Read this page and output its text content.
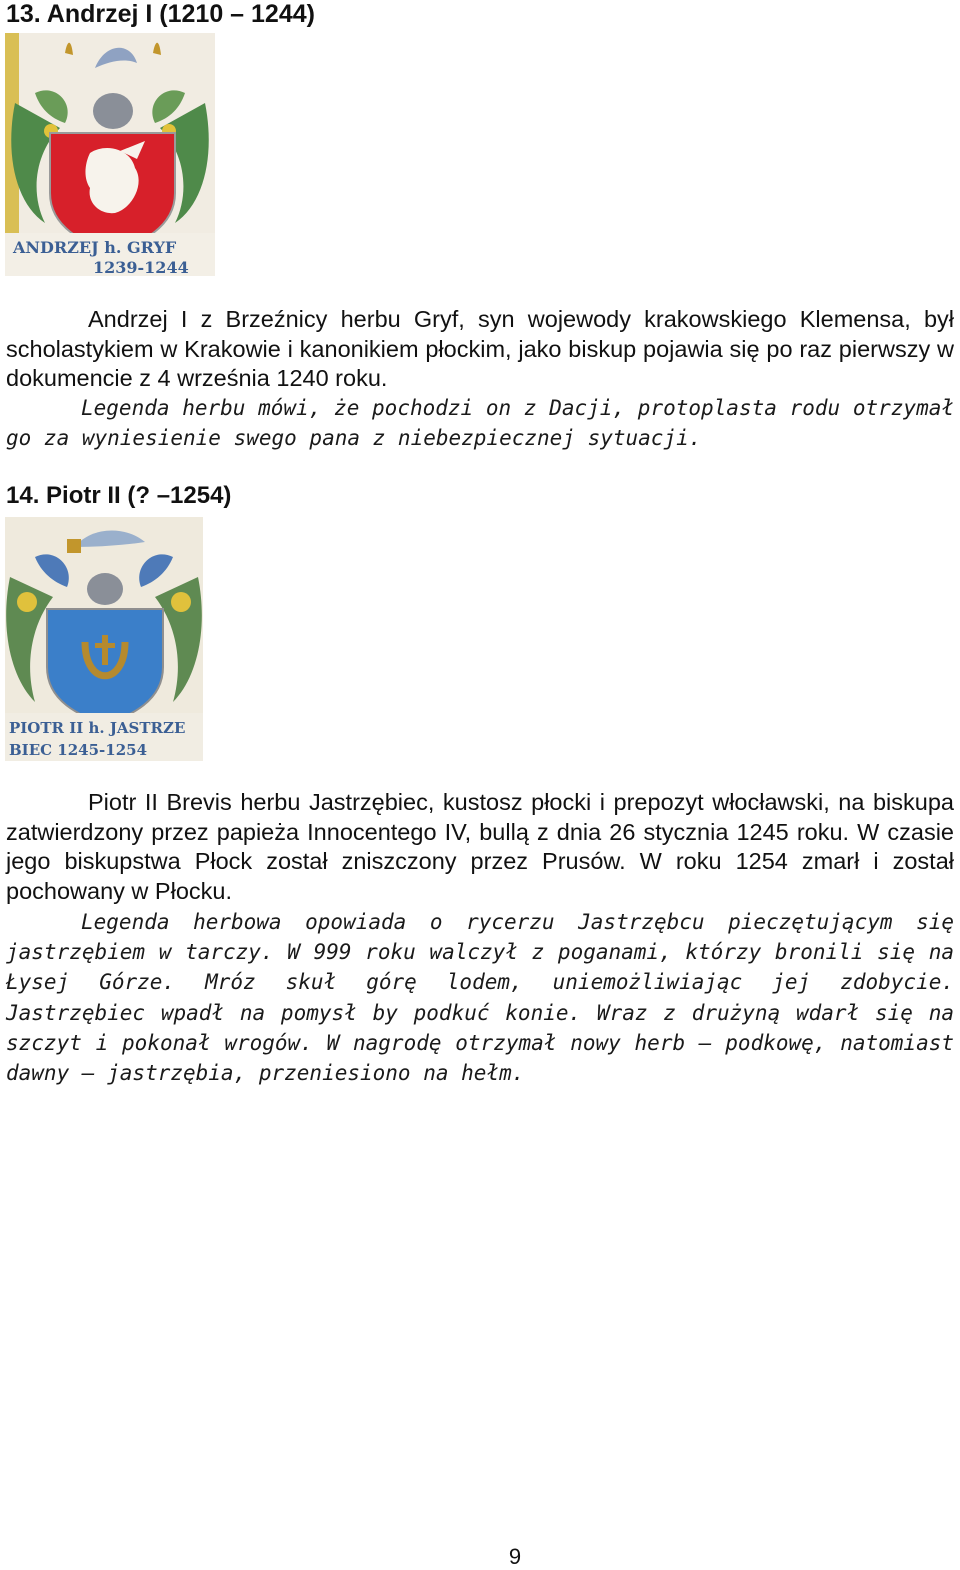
13. Andrzej I (1210 – 1244)
ANDRZEJ h. GRYF
1239-1244

Andrzej I z Brzeźnicy herbu Gryf, syn wojewody krakowskiego Klemensa, był scholastykiem w Krakowie i kanonikiem płockim, jako biskup pojawia się po raz pierwszy w dokumencie z 4 września 1240 roku.

Legenda herbu mówi, że pochodzi on z Dacji, protoplasta rodu otrzymał go za wyniesienie swego pana z niebezpiecznej sytuacji.

14. Piotr II (? –1254)
PIOTR II h. JASTRZE
BIEC 1245-1254

Piotr II Brevis herbu Jastrzębiec, kustosz płocki i prepozyt włocławski, na biskupa zatwierdzony przez papieża Innocentego IV, bullą z dnia 26 stycznia 1245 roku. W czasie jego biskupstwa Płock został zniszczony przez Prusów. W roku 1254 zmarł i został pochowany w Płocku.

Legenda herbowa opowiada o rycerzu Jastrzębcu pieczętującym się jastrzębiem w tarczy. W 999 roku walczył z poganami, którzy bronili się na Łysej Górze. Mróz skuł górę lodem, uniemożliwiając jej zdobycie. Jastrzębiec wpadł na pomysł by podkuć konie. Wraz z drużyną wdarł się na szczyt i pokonał wrogów. W nagrodę otrzymał nowy herb – podkowę, natomiast dawny – jastrzębia, przeniesiono na hełm.

9
